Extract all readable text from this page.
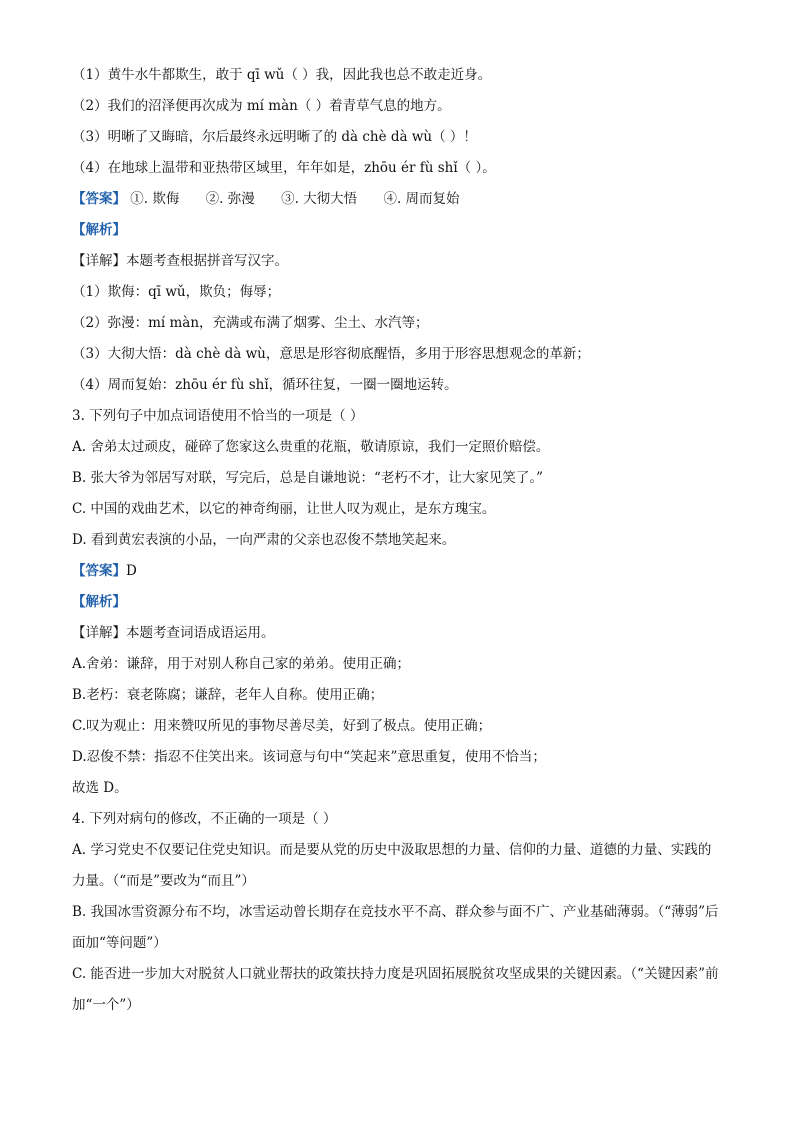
（1）黄牛水牛都欺生，敢于 qī wǔ（ ）我，因此我也总不敢走近身。
（2）我们的沼泽便再次成为 mí màn（ ）着青草气息的地方。
（3）明晰了又晦暗，尔后最终永远明晰了的 dà chè dà wù（ ）！
（4）在地球上温带和亚热带区域里，年年如是，zhōu ér fù shǐ（ ）。
【答案】 ①. 欺侮 ②. 弥漫 ③. 大彻大悟 ④. 周而复始
【解析】
【详解】本题考查根据拼音写汉字。
（1）欺侮：qī wǔ，欺负；侮辱；
（2）弥漫：mí màn，充满或布满了烟雾、尘土、水汽等；
（3）大彻大悟：dà chè dà wù，意思是形容彻底醒悟，多用于形容思想观念的革新；
（4）周而复始：zhōu ér fù shǐ，循环往复，一圈一圈地运转。
3. 下列句子中加点词语使用不恰当的一项是（ ）
A. 舍弟太过顽皮，碰碎了您家这么贵重的花瓶，敬请原谅，我们一定照价赔偿。
B. 张大爷为邻居写对联，写完后，总是自谦地说：“老朽不才，让大家见笑了。”
C. 中国的戏曲艺术，以它的神奇绚丽，让世人叹为观止，是东方瑰宝。
D. 看到黄宏表演的小品，一向严肃的父亲也忍俊不禁地笑起来。
【答案】D
【解析】
【详解】本题考查词语成语运用。
A.舍弟：谦辞，用于对别人称自己家的弟弟。使用正确；
B.老朽：衰老陈腐；谦辞，老年人自称。使用正确；
C.叹为观止：用来赞叹所见的事物尽善尽美，好到了极点。使用正确；
D.忍俊不禁：指忍不住笑出来。该词意与句中“笑起来”意思重复，使用不恰当；
故选 D。
4. 下列对病句的修改，不正确的一项是（ ）
A. 学习党史不仅要记住党史知识。而是要从党的历史中汲取思想的力量、信仰的力量、道德的力量、实践的力量。（“而是”要改为“而且”）
B. 我国冰雪资源分布不均，冰雪运动曾长期存在竞技水平不高、群众参与面不广、产业基础薄弱。（“薄弱”后面加“等问题”）
C. 能否进一步加大对脱贫人口就业帮扶的政策扶持力度是巩固拓展脱贫攻坚成果的关键因素。（“关键因素”前加“一个”）
